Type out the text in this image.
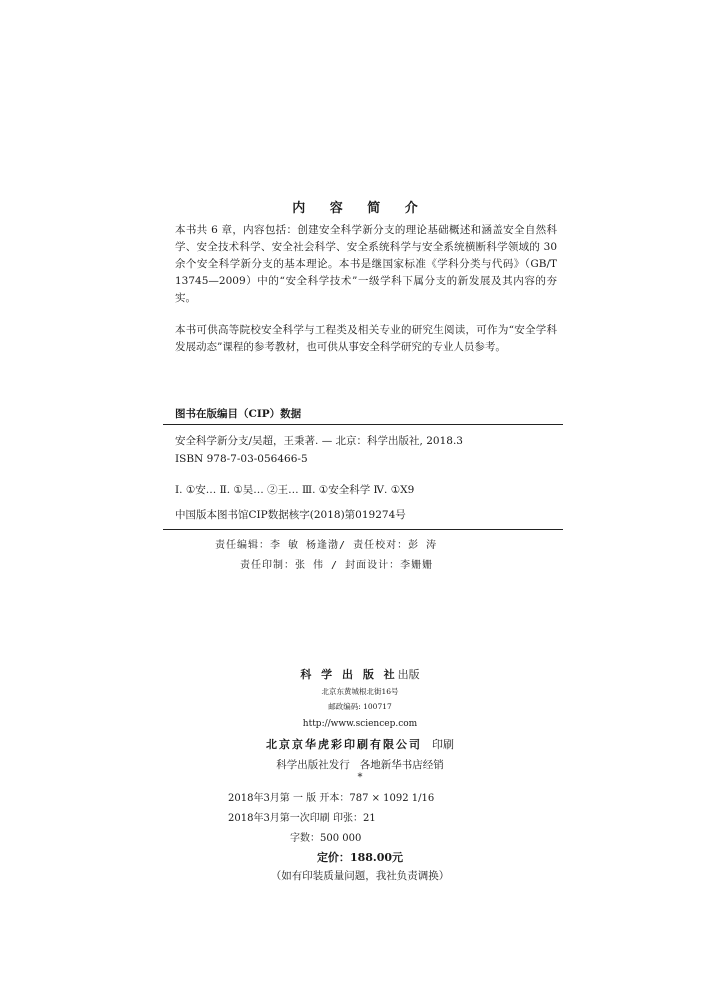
内 容 简 介

本书共 6 章，内容包括：创建安全科学新分支的理论基础概述和涵盖安全自然科学、安全技术科学、安全社会科学、安全系统科学与安全系统横断科学领域的 30 余个安全科学新分支的基本理论。本书是继国家标准《学科分类与代码》（GB/T 13745—2009）中的“安全科学技术”一级学科下属分支的新发展及其内容的夯实。

本书可供高等院校安全科学与工程类及相关专业的研究生阅读，可作为“安全学科发展动态”课程的参考教材，也可供从事安全科学研究的专业人员参考。

图书在版编目（CIP）数据
安全科学新分支/吴超，王秉著. — 北京：科学出版社, 2018.3
ISBN 978-7-03-056466-5
Ⅰ. ①安… Ⅱ. ①吴… ②王… Ⅲ. ①安全科学 Ⅳ. ①X9
中国版本图书馆CIP数据核字(2018)第019274号
责任编辑：李 敏 杨逢渤/ 责任校对：彭 涛
责任印制：张 伟 / 封面设计：李姗姗
科 学 出 版 社出版
北京东黄城根北街16号
邮政编码: 100717
http://www.sciencep.com
北京京华虎彩印刷有限公司 印刷
科学出版社发行 各地新华书店经销
*
2018年3月第 一 版 开本：787 × 1092 1/16
2018年3月第一次印刷 印张：21
字数：500 000
定价：188.00元
（如有印装质量问题，我社负责调换）
